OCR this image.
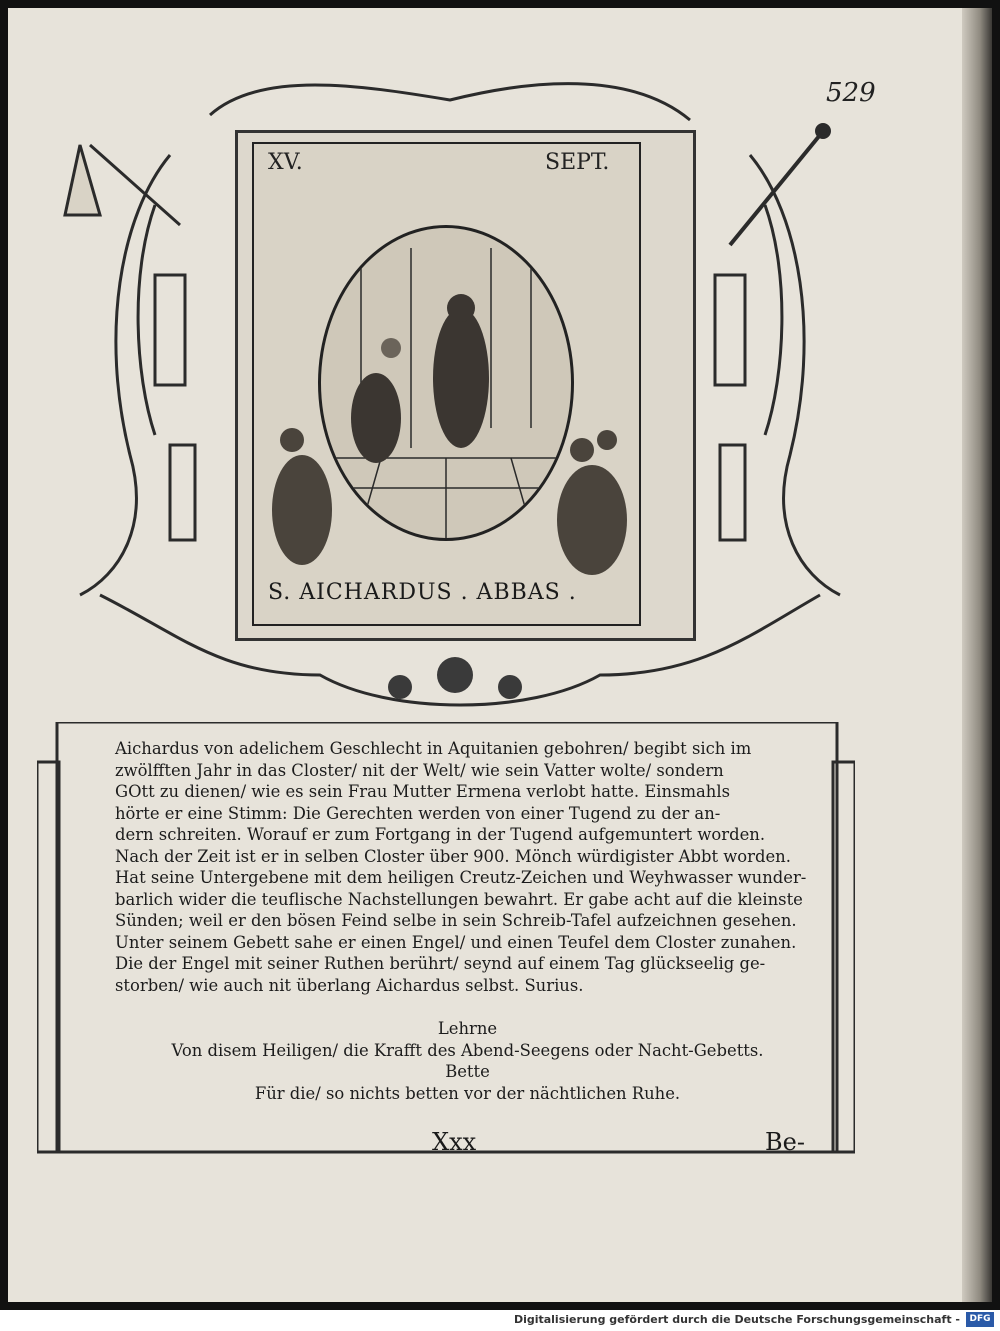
529
XV.	SEPT.
S. AICHARDUS . ABBAS .
Aichardus von adelichem Geschlecht in Aquitanien gebohren/ begibt sich im
zwölfften Jahr in das Closter/ nit der Welt/ wie sein Vatter wolte/ sondern
GOtt zu dienen/ wie es sein Frau Mutter Ermena verlobt hatte. Einsmahls
hörte er eine Stimm: Die Gerechten werden von einer Tugend zu der an-
dern schreiten. Worauf er zum Fortgang in der Tugend aufgemuntert worden.
Nach der Zeit ist er in selben Closter über 900. Mönch würdigister Abbt worden.
Hat seine Untergebene mit dem heiligen Creutz-Zeichen und Weyhwasser wunder-
barlich wider die teuflische Nachstellungen bewahrt. Er gabe acht auf die kleinste
Sünden; weil er den bösen Feind selbe in sein Schreib-Tafel aufzeichnen gesehen.
Unter seinem Gebett sahe er einen Engel/ und einen Teufel dem Closter zunahen.
Die der Engel mit seiner Ruthen berührt/ seynd auf einem Tag glückseelig ge-
storben/ wie auch nit überlang Aichardus selbst. Surius.
Lehrne
Von disem Heiligen/ die Krafft des Abend-Seegens oder Nacht-Gebetts.
Bette
Für die/ so nichts betten vor der nächtlichen Ruhe.
Xxx	Be-
Digitalisierung gefördert durch die Deutsche Forschungsgemeinschaft -	DFG
